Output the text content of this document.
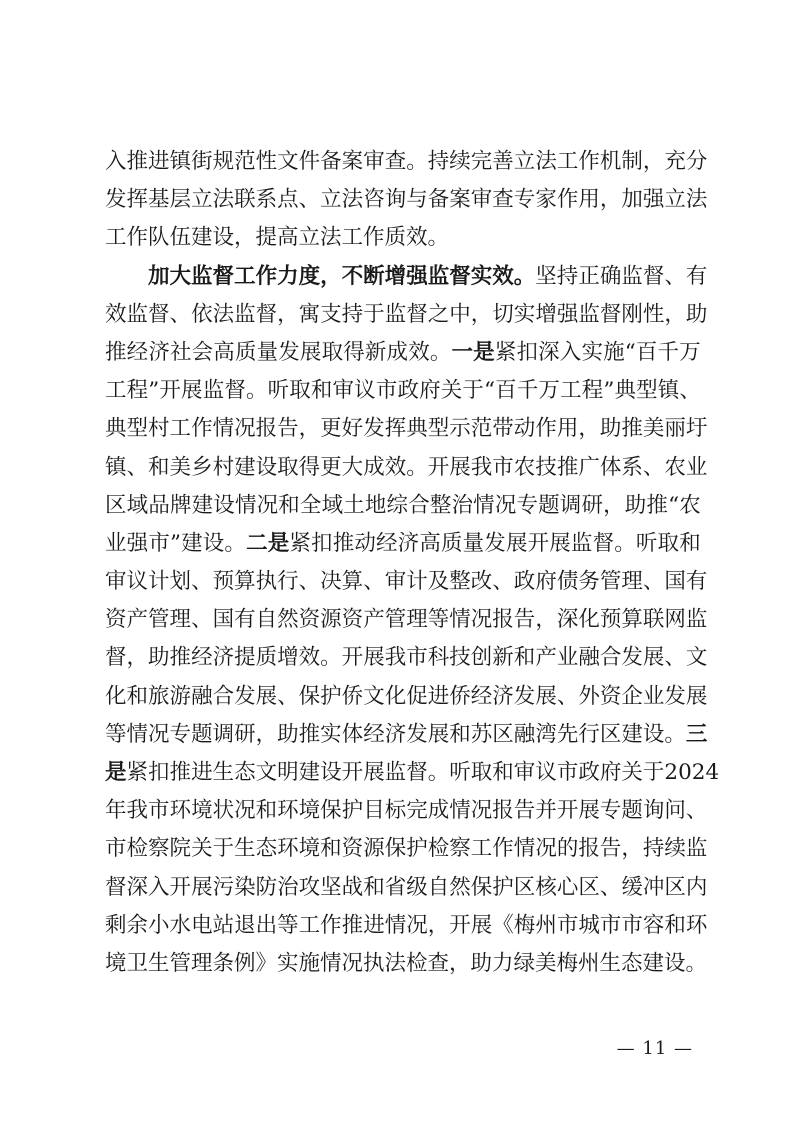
入 推 进 镇 街 规 范 性 文 件 备 案 审 查 。 持 续 完 善 立 法 工 作 机 制 ， 充 分
发 挥 基 层 立 法 联 系 点 、 立 法 咨 询 与 备 案 审 查 专 家 作 用 ， 加 强 立 法
工作队伍建设，提高立法工作质效。
加 大 监 督 工 作 力 度 ， 不 断 增 强 监 督 实 效 。 坚 持 正 确 监 督 、 有
效 监 督 、 依 法 监 督 ， 寓 支 持 于 监 督 之 中 ， 切 实 增 强 监 督 刚 性 ， 助
推 经 济 社 会 高 质 量 发 展 取 得 新 成 效 。 一 是 紧 扣 深 入 实 施 “ 百 千 万
工 程 ” 开 展 监 督 。 听 取 和 审 议 市 政 府 关 于 “ 百 千 万 工 程 ” 典 型 镇 、
典 型 村 工 作 情 况 报 告 ， 更 好 发 挥 典 型 示 范 带 动 作 用 ， 助 推 美 丽 圩
镇 、 和 美 乡 村 建 设 取 得 更 大 成 效 。 开 展 我 市 农 技 推 广 体 系 、 农 业
区 域 品 牌 建 设 情 况 和 全 域 土 地 综 合 整 治 情 况 专 题 调 研 ， 助 推 “ 农
业 强 市 ” 建 设 。 二 是 紧 扣 推 动 经 济 高 质 量 发 展 开 展 监 督 。 听 取 和
审 议 计 划 、 预 算 执 行 、 决 算 、 审 计 及 整 改 、 政 府 债 务 管 理 、 国 有
资 产 管 理 、 国 有 自 然 资 源 资 产 管 理 等 情 况 报 告 ， 深 化 预 算 联 网 监
督 ， 助 推 经 济 提 质 增 效 。 开 展 我 市 科 技 创 新 和 产 业 融 合 发 展 、 文
化 和 旅 游 融 合 发 展 、 保 护 侨 文 化 促 进 侨 经 济 发 展 、 外 资 企 业 发 展
等 情 况 专 题 调 研 ， 助 推 实 体 经 济 发 展 和 苏 区 融 湾 先 行 区 建 设 。 三
是 紧 扣 推 进 生 态 文 明 建 设 开 展 监 督 。 听 取 和 审 议 市 政 府 关 于 2 0 2 4
年 我 市 环 境 状 况 和 环 境 保 护 目 标 完 成 情 况 报 告 并 开 展 专 题 询 问 、
市 检 察 院 关 于 生 态 环 境 和 资 源 保 护 检 察 工 作 情 况 的 报 告 ， 持 续 监
督 深 入 开 展 污 染 防 治 攻 坚 战 和 省 级 自 然 保 护 区 核 心 区 、 缓 冲 区 内
剩 余 小 水 电 站 退 出 等 工 作 推 进 情 况 ， 开 展 《 梅 州 市 城 市 市 容 和 环
境卫生管理条例》实施情况执法检查，助力绿美梅州生态建设。
— 11 —
